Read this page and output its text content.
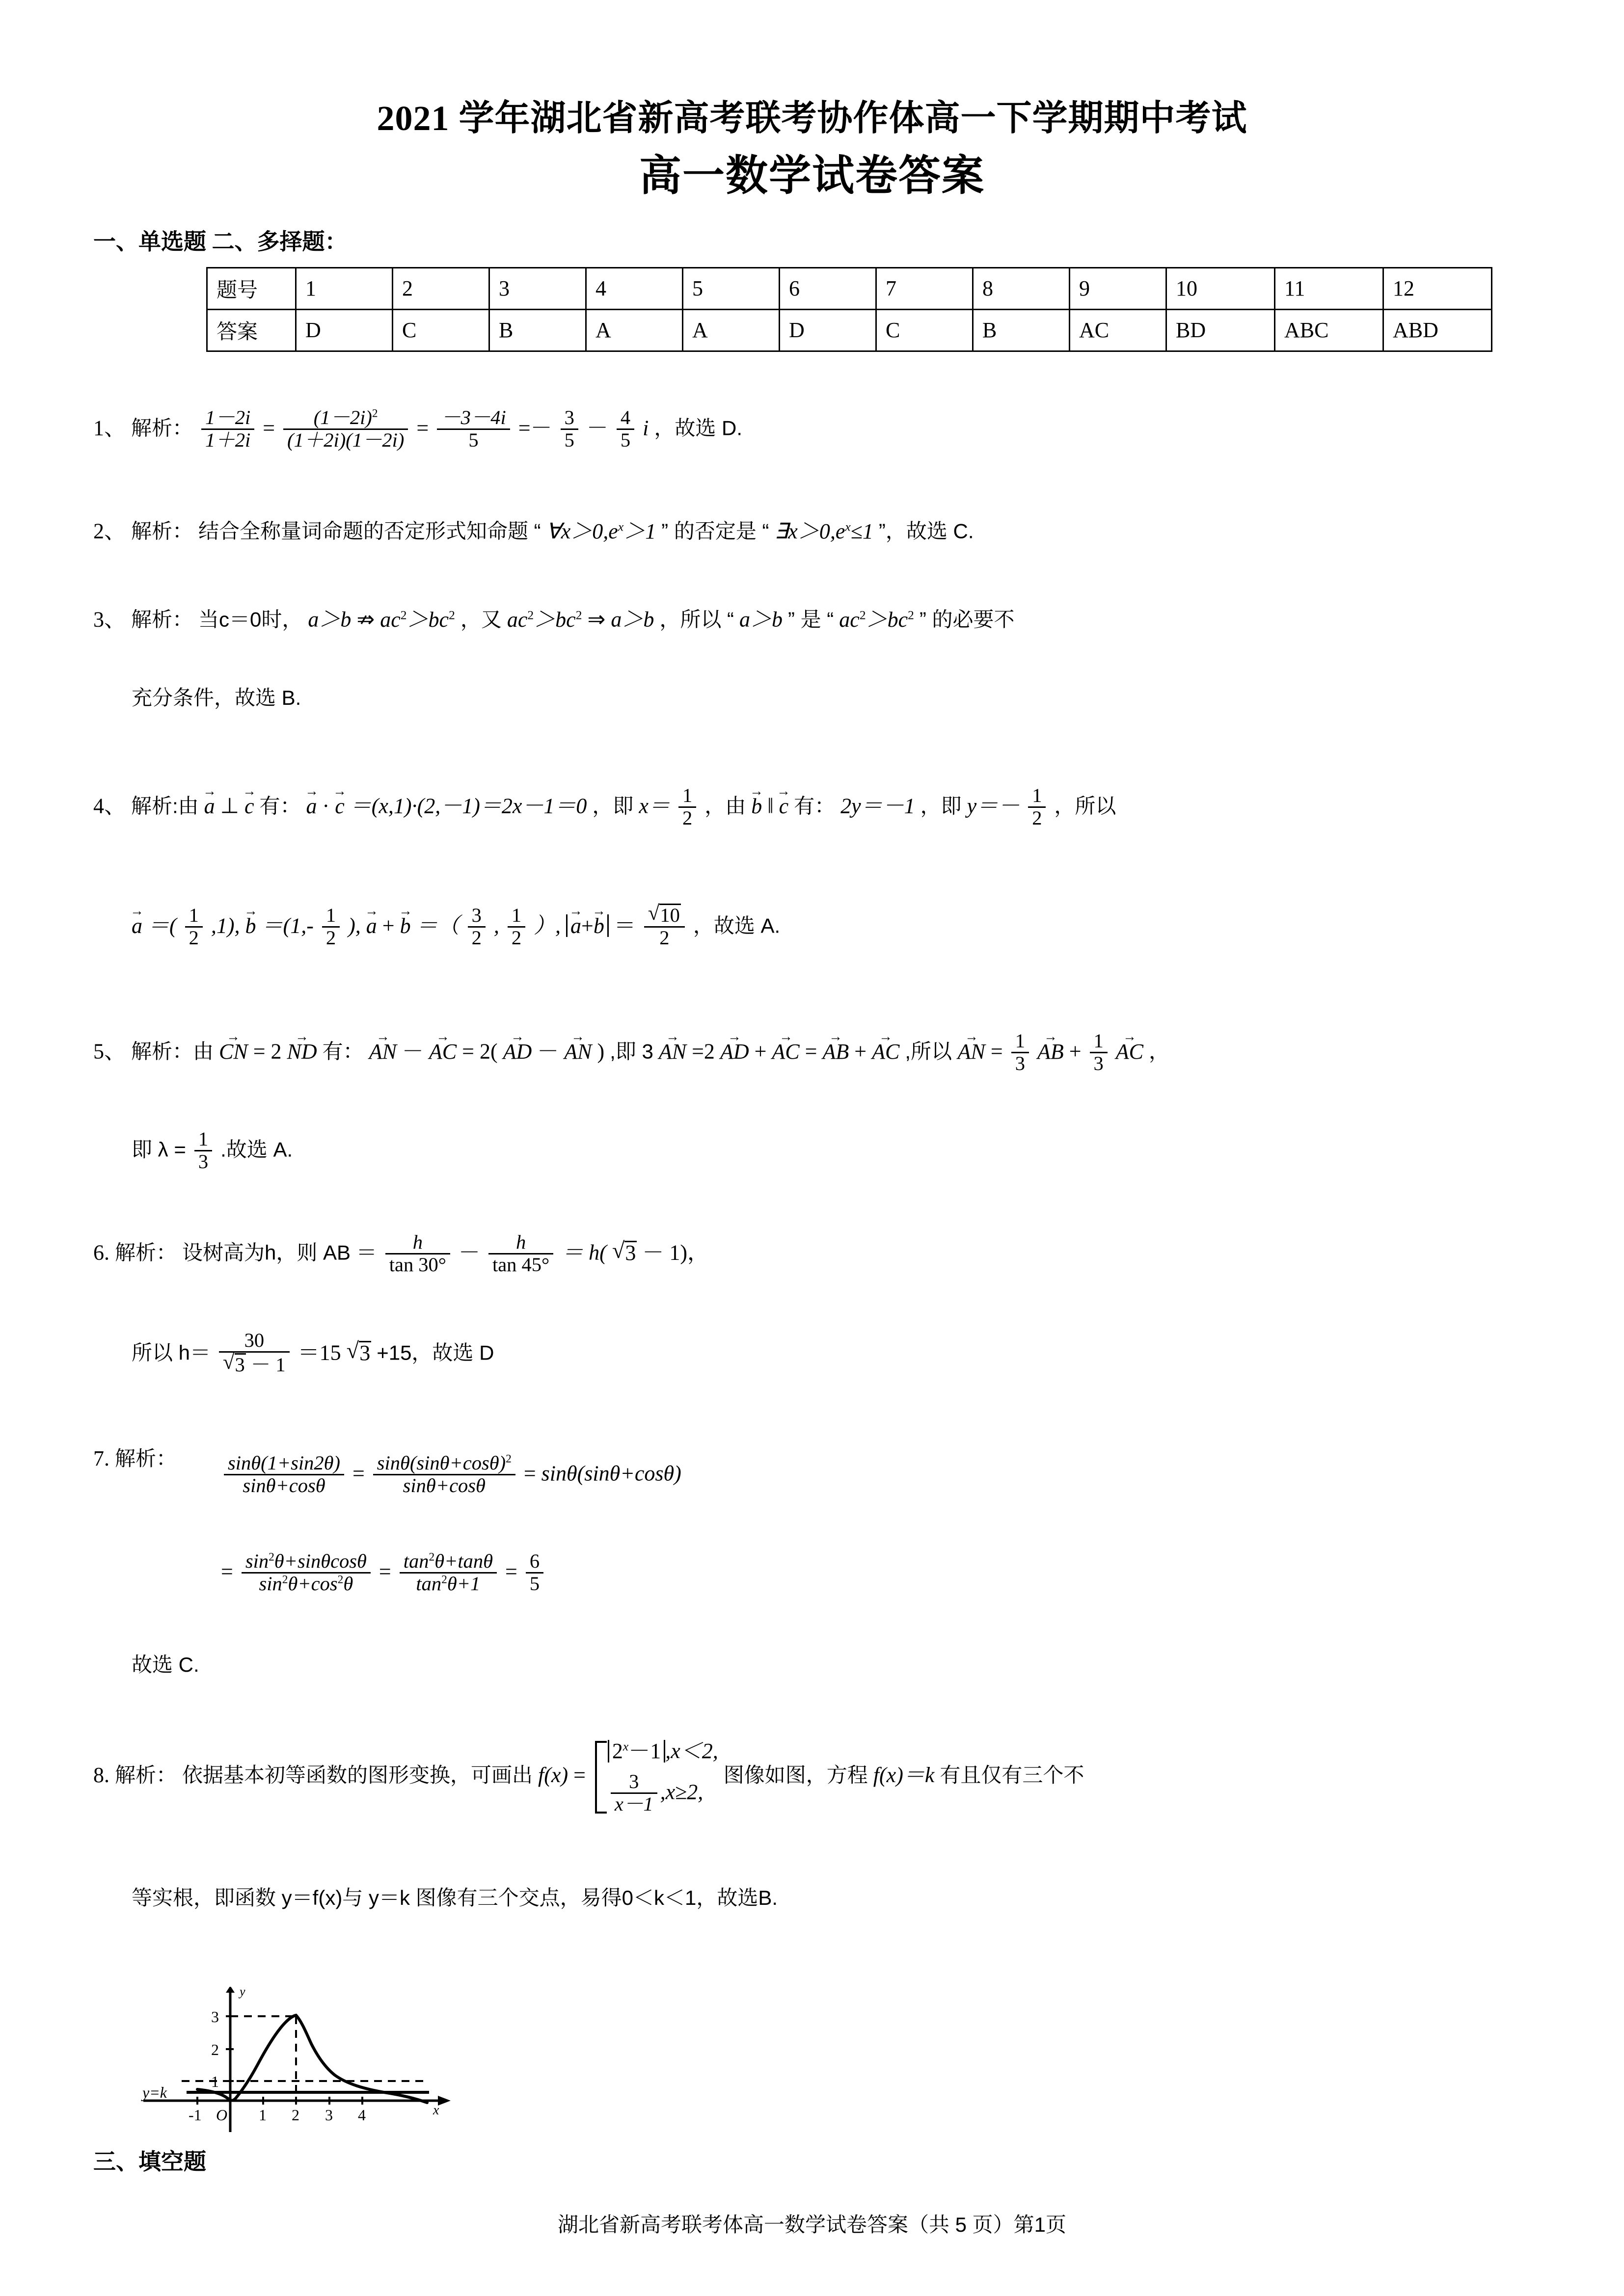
2021 学年湖北省新高考联考协作体高一下学期期中考试
高一数学试卷答案
一、单选题 二、多择题：
题号	1	2	3	4	5	6	7	8	9	10	11	12
答案	D	C	B	A	A	D	C	B	AC	BD	ABC	ABD
1、 解析： $\frac{1-2i}{1+2i} = \frac{(1-2i)^2}{(1+2i)(1-2i)} = \frac{-3-4i}{5} =- \frac{3}{5} - \frac{4}{5}$ i ，故选 D.
2、 解析： 结合全称量词命题的否定形式知命题 “ $\forall x>0,e^x>1$ ” 的否定是 “ $\exists x>0,e^x\le 1$ ”，故选 C.
3、 解析： 当c＝0时， a＞b ⇏ $ac^2>bc^2$ ，又 $ac^2>bc^2$ ⇒ a＞b ，所以 “ a＞b ” 是 “ $ac^2>bc^2$ ” 的必要不
充分条件，故选 B.
4、 解析:由 → a ⊥ → c 有： → a · → c ＝(x,1)·(2,－1)＝2x－1＝0 ，即 $x= \frac{1}{2}$ ，由 → b ‖ → c 有： 2y＝－1 ，即 $y=- \frac{1}{2}$ ，所以
→ a ＝( $\frac{1}{2} ,1$), → $b =(1,- \frac{1}{2}$ ), → a + → b ＝（ $\frac{3}{2}$ , $\frac{1}{2}$ ）, → a+→ b ＝ √ $\frac{10}{2}$ ，故选 A.
5、 解析：由 → CN = 2 → ND 有： → AN － → AC = 2( → AD － → AN ) ,即 3 → AN =2 → AD + → AC = → AB + → AC ,所以 → AN = $\frac{1}{3}$ → AB + $\frac{1}{3}$ → AC ，
即 $\lambda = \frac{1}{3}$ .故选 A.
6. 解析： 设树高为h，则 AB ＝ $\frac{h}{\tan 30^\circ} - \frac{h}{\tan 45^\circ} = h$( √ 3 － 1)，
所以 h＝ 30
√ 3 － 1 ＝15 √ 3 +15，故选 D
7. 解析： $\frac{\sin\theta(1+\sin 2\theta)}{\sin\theta+\cos\theta} = \frac{\sin\theta(\sin\theta+\cos\theta)^2}{\sin\theta+\cos\theta} = \sin\theta(\sin\theta+\cos\theta)$
= $\frac{\sin^2\theta+\sin\theta\cos\theta}{\sin^2\theta+\cos^2\theta} = \frac{\tan^2\theta+\tan\theta}{\tan^2\theta+1} = \frac{6}{5}$
故选 C.
8. 解析： 依据基本初等函数的图形变换，可画出 f(x) =
$2^x-1$ ,x＜2,
$\frac{3}{x-1} ,x\ge 2$,
图像如图，方程 f(x)＝k 有且仅有三个不
等实根，即函数 y＝f(x)与 y＝k 图像有三个交点，易得0＜k＜1，故选B.
y
x
3
2
1
-1 O 1 2 3 4
y=k
三、填空题
湖北省新高考联考体高一数学试卷答案（共 5 页）第1页
